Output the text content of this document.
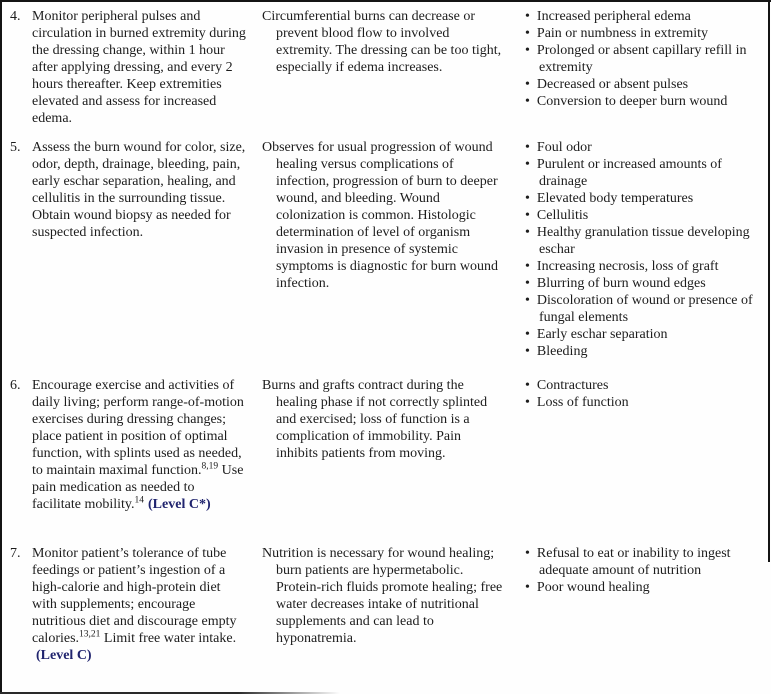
4. Monitor peripheral pulses and circulation in burned extremity during the dressing change, within 1 hour after applying dressing, and every 2 hours thereafter. Keep extremities elevated and assess for increased edema.

Circumferential burns can decrease or prevent blood flow to involved extremity. The dressing can be too tight, especially if edema increases.

•  Increased peripheral edema
•  Pain or numbness in extremity
•  Prolonged or absent capillary refill in extremity
•  Decreased or absent pulses
•  Conversion to deeper burn wound
5. Assess the burn wound for color, size, odor, depth, drainage, bleeding, pain, early eschar separation, healing, and cellulitis in the surrounding tissue. Obtain wound biopsy as needed for suspected infection.

Observes for usual progression of wound healing versus complications of infection, progression of burn to deeper wound, and bleeding. Wound colonization is common. Histologic determination of level of organism invasion in presence of systemic symptoms is diagnostic for burn wound infection.

•  Foul odor
•  Purulent or increased amounts of drainage
•  Elevated body temperatures
•  Cellulitis
•  Healthy granulation tissue developing eschar
•  Increasing necrosis, loss of graft
•  Blurring of burn wound edges
•  Discoloration of wound or presence of fungal elements
•  Early eschar separation
•  Bleeding
6. Encourage exercise and activities of daily living; perform range-of-motion exercises during dressing changes; place patient in position of optimal function, with splints used as needed, to maintain maximal function.$^{8,19}$ Use pain medication as needed to facilitate mobility.$^{14}$ (Level C*)

Burns and grafts contract during the healing phase if not correctly splinted and exercised; loss of function is a complication of immobility. Pain inhibits patients from moving.

•  Contractures
•  Loss of function
7. Monitor patient’s tolerance of tube feedings or patient’s ingestion of a high-calorie and high-protein diet with supplements; encourage nutritious diet and discourage empty calories.$^{13,21}$ Limit free water intake.(Level C)

Nutrition is necessary for wound healing; burn patients are hypermetabolic. Protein-rich fluids promote healing; free water decreases intake of nutritional supplements and can lead to hyponatremia.

•  Refusal to eat or inability to ingest adequate amount of nutrition
•  Poor wound healing
